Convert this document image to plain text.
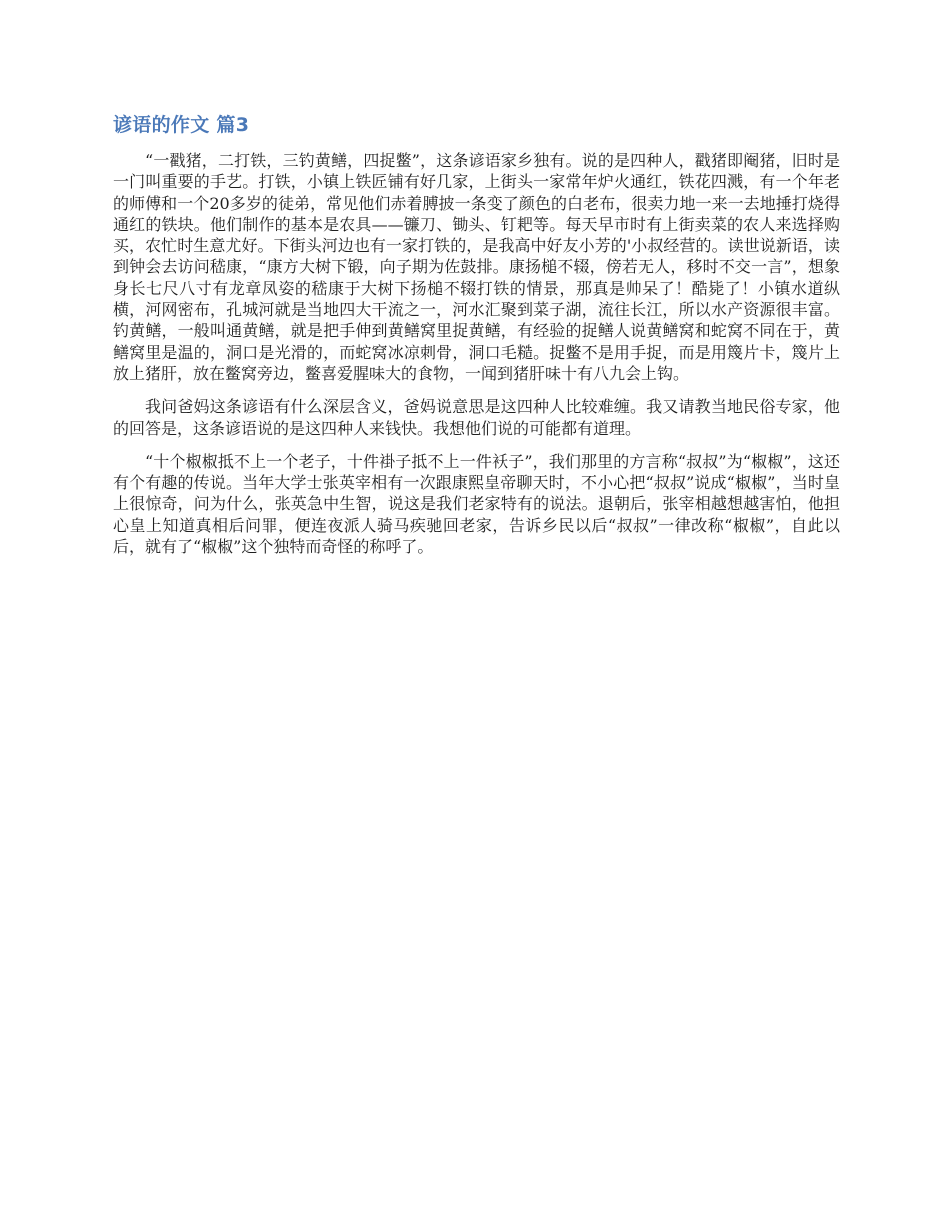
谚语的作文 篇3

“一戳猪，二打铁，三钓黄鳝，四捉鳖”，这条谚语家乡独有。说的是四种人，戳猪即阉猪，旧时是一门叫重要的手艺。打铁，小镇上铁匠铺有好几家，上街头一家常年炉火通红，铁花四溅，有一个年老的师傅和一个20多岁的徒弟，常见他们赤着膊披一条变了颜色的白老布，很卖力地一来一去地捶打烧得通红的铁块。他们制作的基本是农具——镰刀、锄头、钉耙等。每天早市时有上街卖菜的农人来选择购买，农忙时生意尤好。下街头河边也有一家打铁的，是我高中好友小芳的'小叔经营的。读世说新语，读到钟会去访问嵇康，“康方大树下锻，向子期为佐鼓排。康扬槌不辍，傍若无人，移时不交一言”，想象身长七尺八寸有龙章凤姿的嵇康于大树下扬槌不辍打铁的情景，那真是帅呆了！酷毙了！小镇水道纵横，河网密布，孔城河就是当地四大干流之一，河水汇聚到菜子湖，流往长江，所以水产资源很丰富。钓黄鳝，一般叫通黄鳝，就是把手伸到黄鳝窝里捉黄鳝，有经验的捉鳝人说黄鳝窝和蛇窝不同在于，黄鳝窝里是温的，洞口是光滑的，而蛇窝冰凉刺骨，洞口毛糙。捉鳖不是用手捉，而是用篾片卡，篾片上放上猪肝，放在鳖窝旁边，鳖喜爱腥味大的食物，一闻到猪肝味十有八九会上钩。

我问爸妈这条谚语有什么深层含义，爸妈说意思是这四种人比较难缠。我又请教当地民俗专家，他的回答是，这条谚语说的是这四种人来钱快。我想他们说的可能都有道理。

“十个椒椒抵不上一个老子，十件褂子抵不上一件袄子”，我们那里的方言称“叔叔”为“椒椒”，这还有个有趣的传说。当年大学士张英宰相有一次跟康熙皇帝聊天时，不小心把“叔叔”说成“椒椒”，当时皇上很惊奇，问为什么，张英急中生智，说这是我们老家特有的说法。退朝后，张宰相越想越害怕，他担心皇上知道真相后问罪，便连夜派人骑马疾驰回老家，告诉乡民以后“叔叔”一律改称“椒椒”，自此以后，就有了“椒椒”这个独特而奇怪的称呼了。
